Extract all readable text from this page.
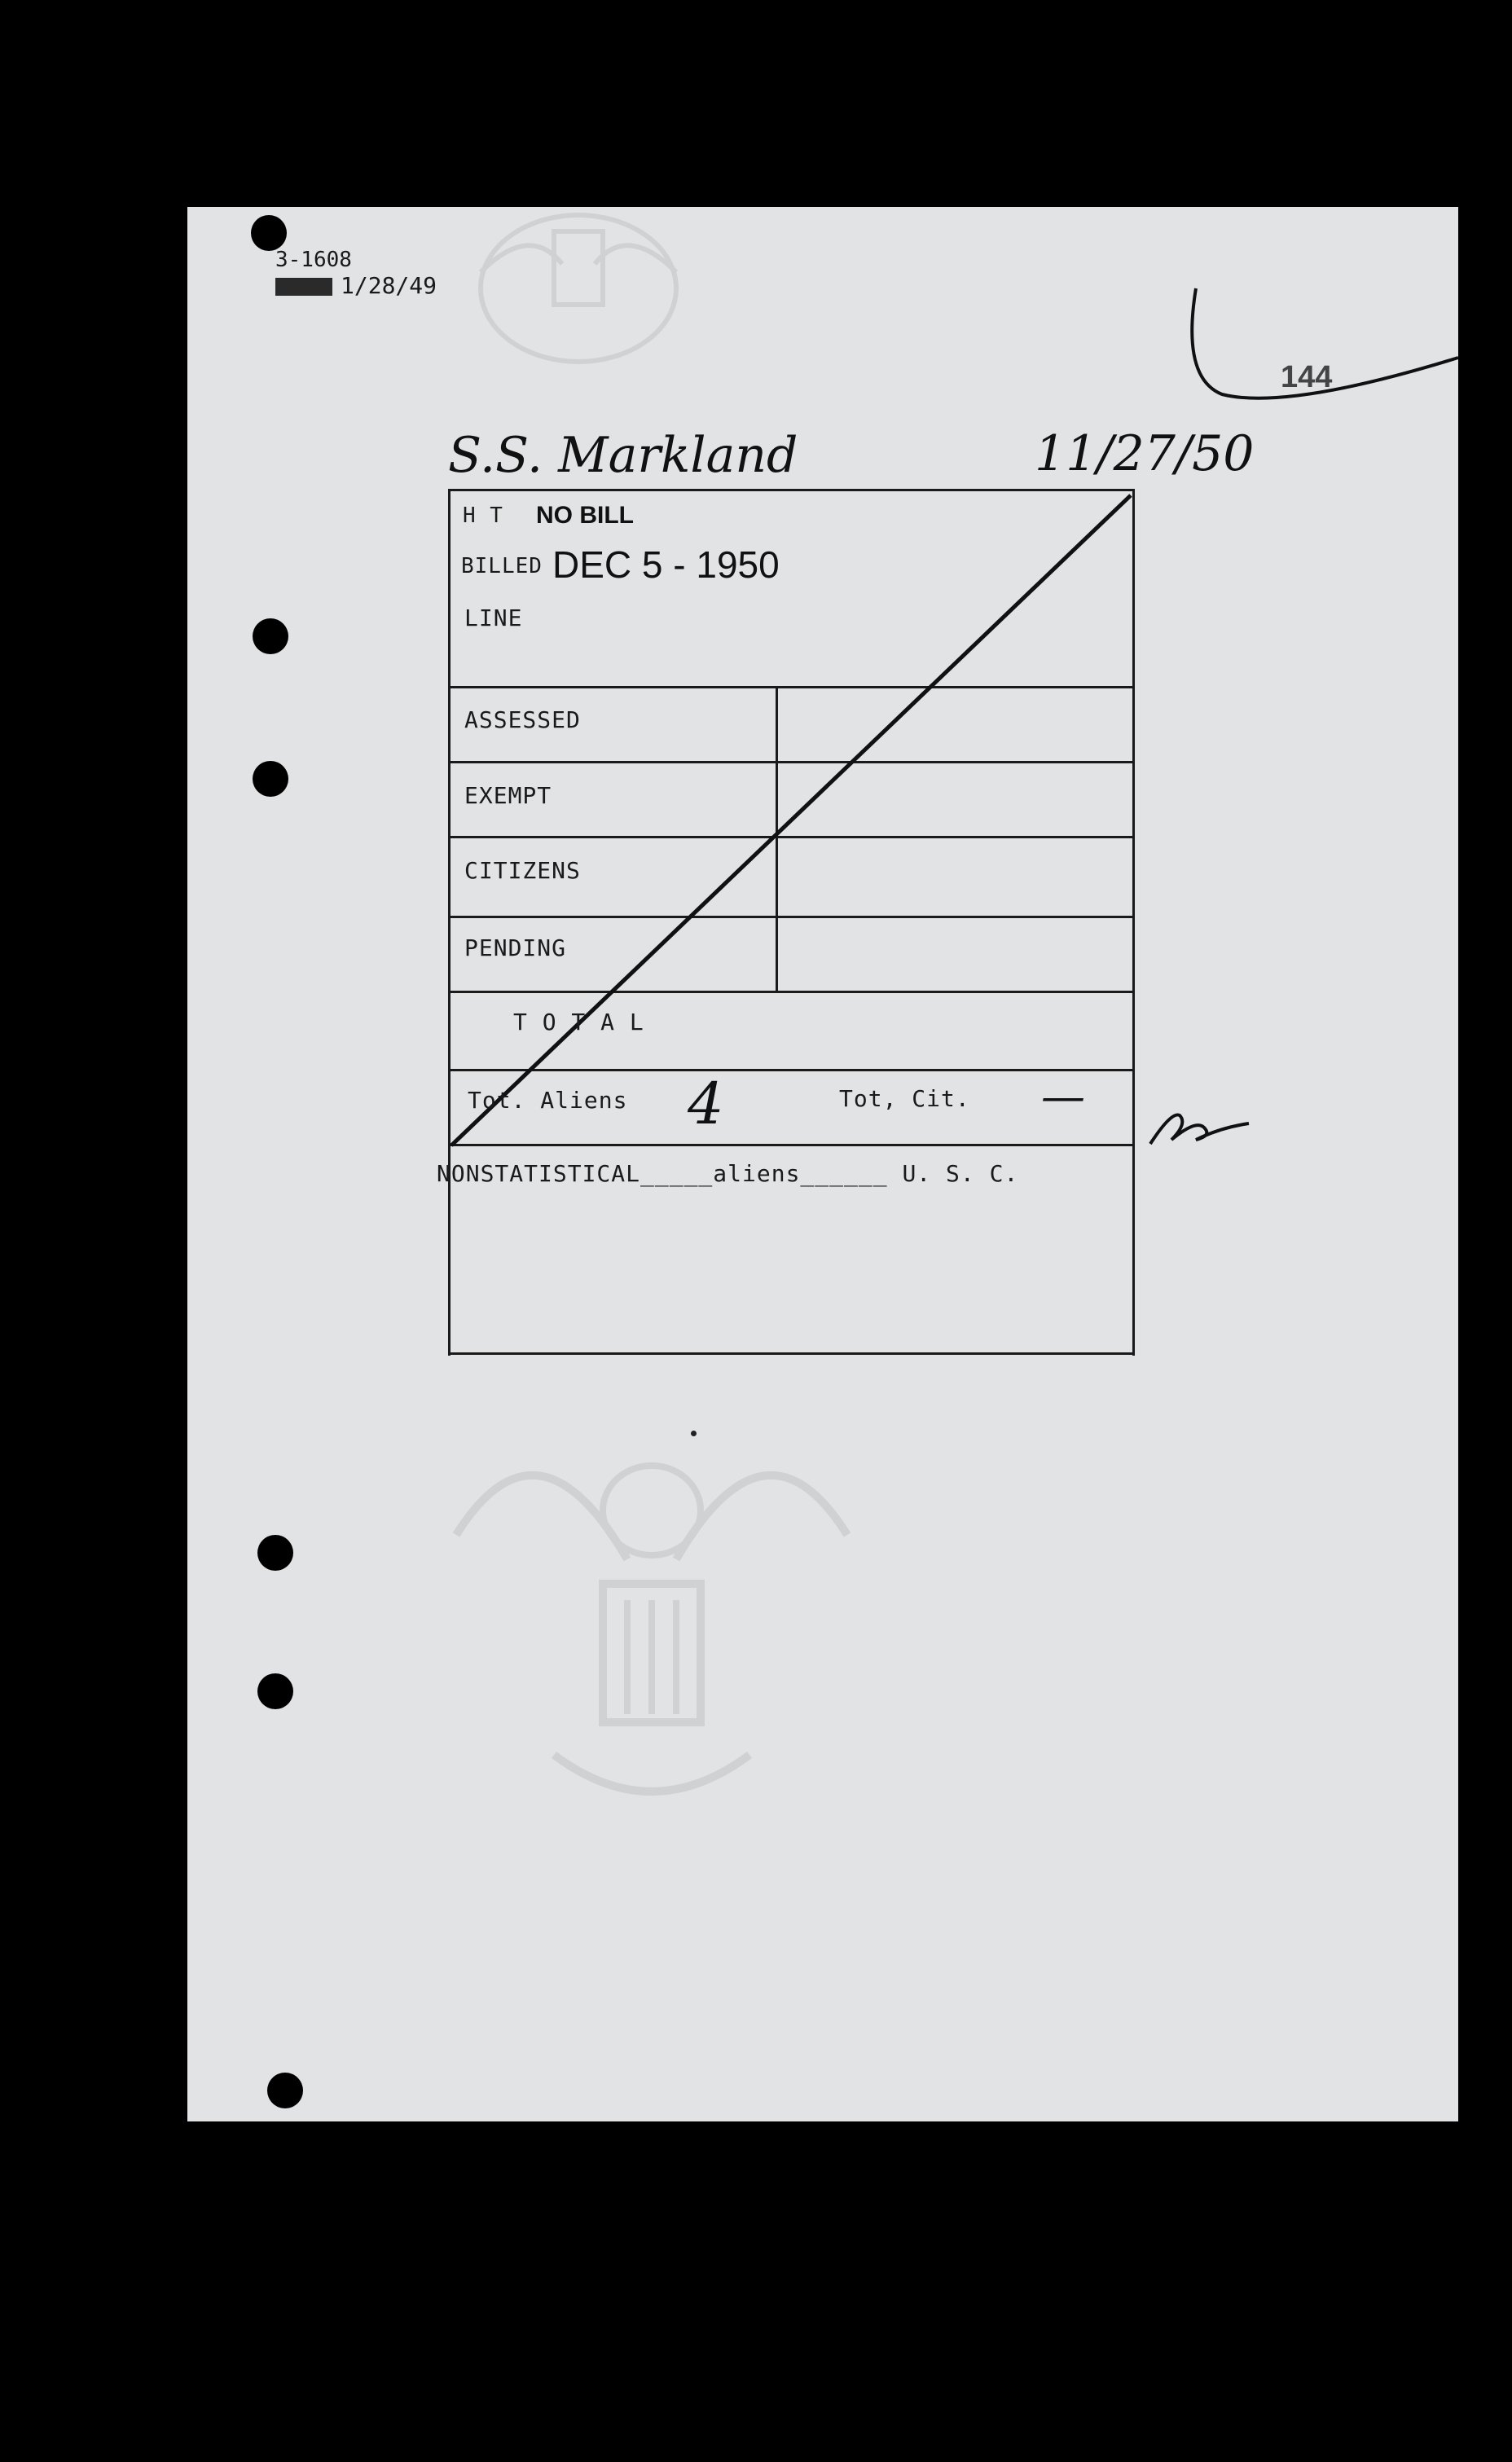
3-1608
1/28/49
144
S.S. Markland	11/27/50
H T NO BILL
BILLED DEC 5 - 1950
LINE
ASSESSED
EXEMPT
CITIZENS
PENDING
T O T A L
Tot. Aliens 4	Tot, Cit. —
NONSTATISTICAL_____aliens______ U. S. C.
